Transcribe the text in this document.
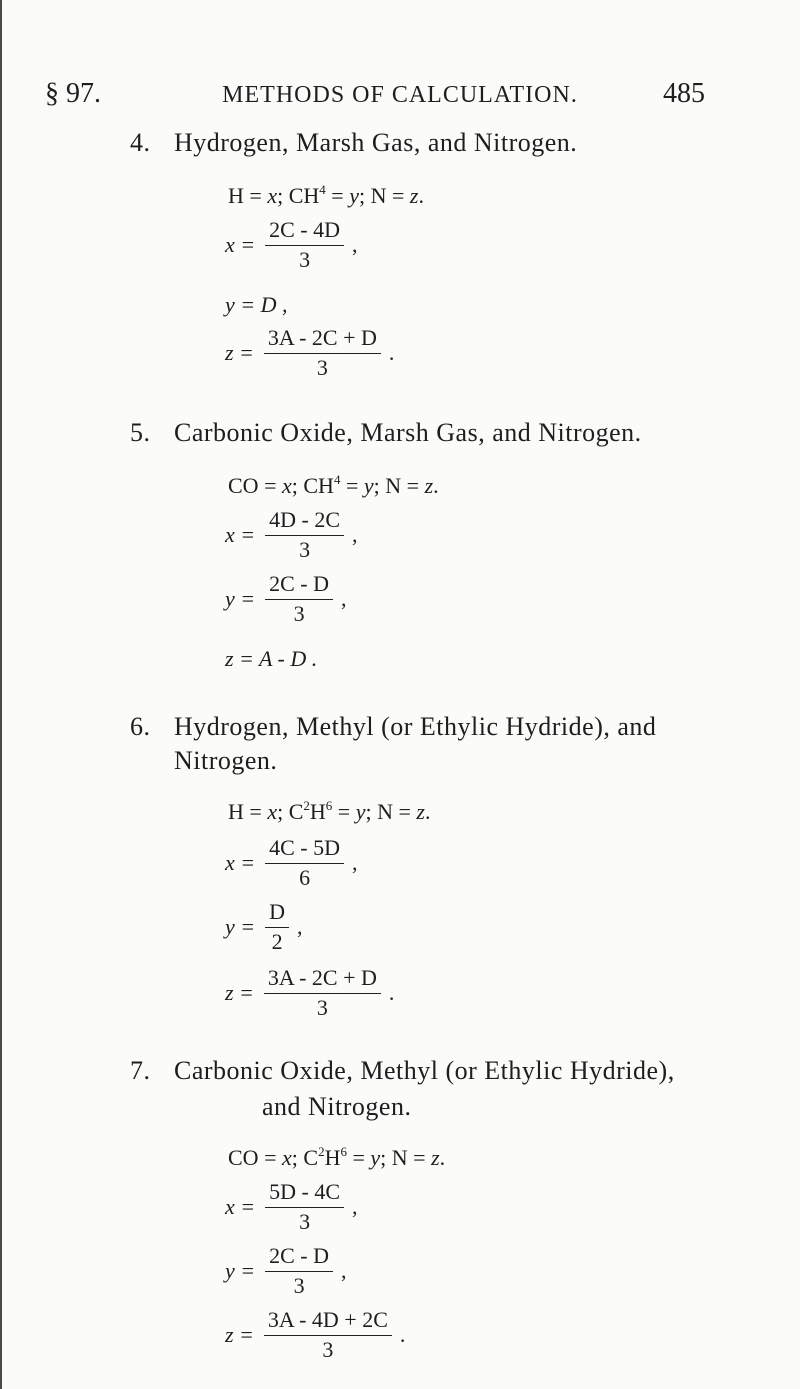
§ 97.	METHODS OF CALCULATION.	485
4. Hydrogen, Marsh Gas, and Nitrogen.
H = x; $CH^4 = y$; N = z.
$x = \frac{2C - 4D}{3}$ ,
y = D ,
$z = \frac{3A - 2C + D}{3}$ .
5. Carbonic Oxide, Marsh Gas, and Nitrogen.
CO = x; $CH^4 = y$; N = z.
$x = \frac{4D - 2C}{3}$ ,
$y = \frac{2C - D}{3}$ ,
z = A - D .
6. Hydrogen, Methyl (or Ethylic Hydride), and
Nitrogen.
H = x; $C^2H^6 = y$; N = z.
$x = \frac{4C - 5D}{6}$ ,
$y = \frac{D}{2}$ ,
$z = \frac{3A - 2C + D}{3}$ .
7. Carbonic Oxide, Methyl (or Ethylic Hydride),
and Nitrogen.
CO = x; $C^2H^6 = y$; N = z.
$x = \frac{5D - 4C}{3}$ ,
$y = \frac{2C - D}{3}$ ,
$z = \frac{3A - 4D + 2C}{3}$ .
